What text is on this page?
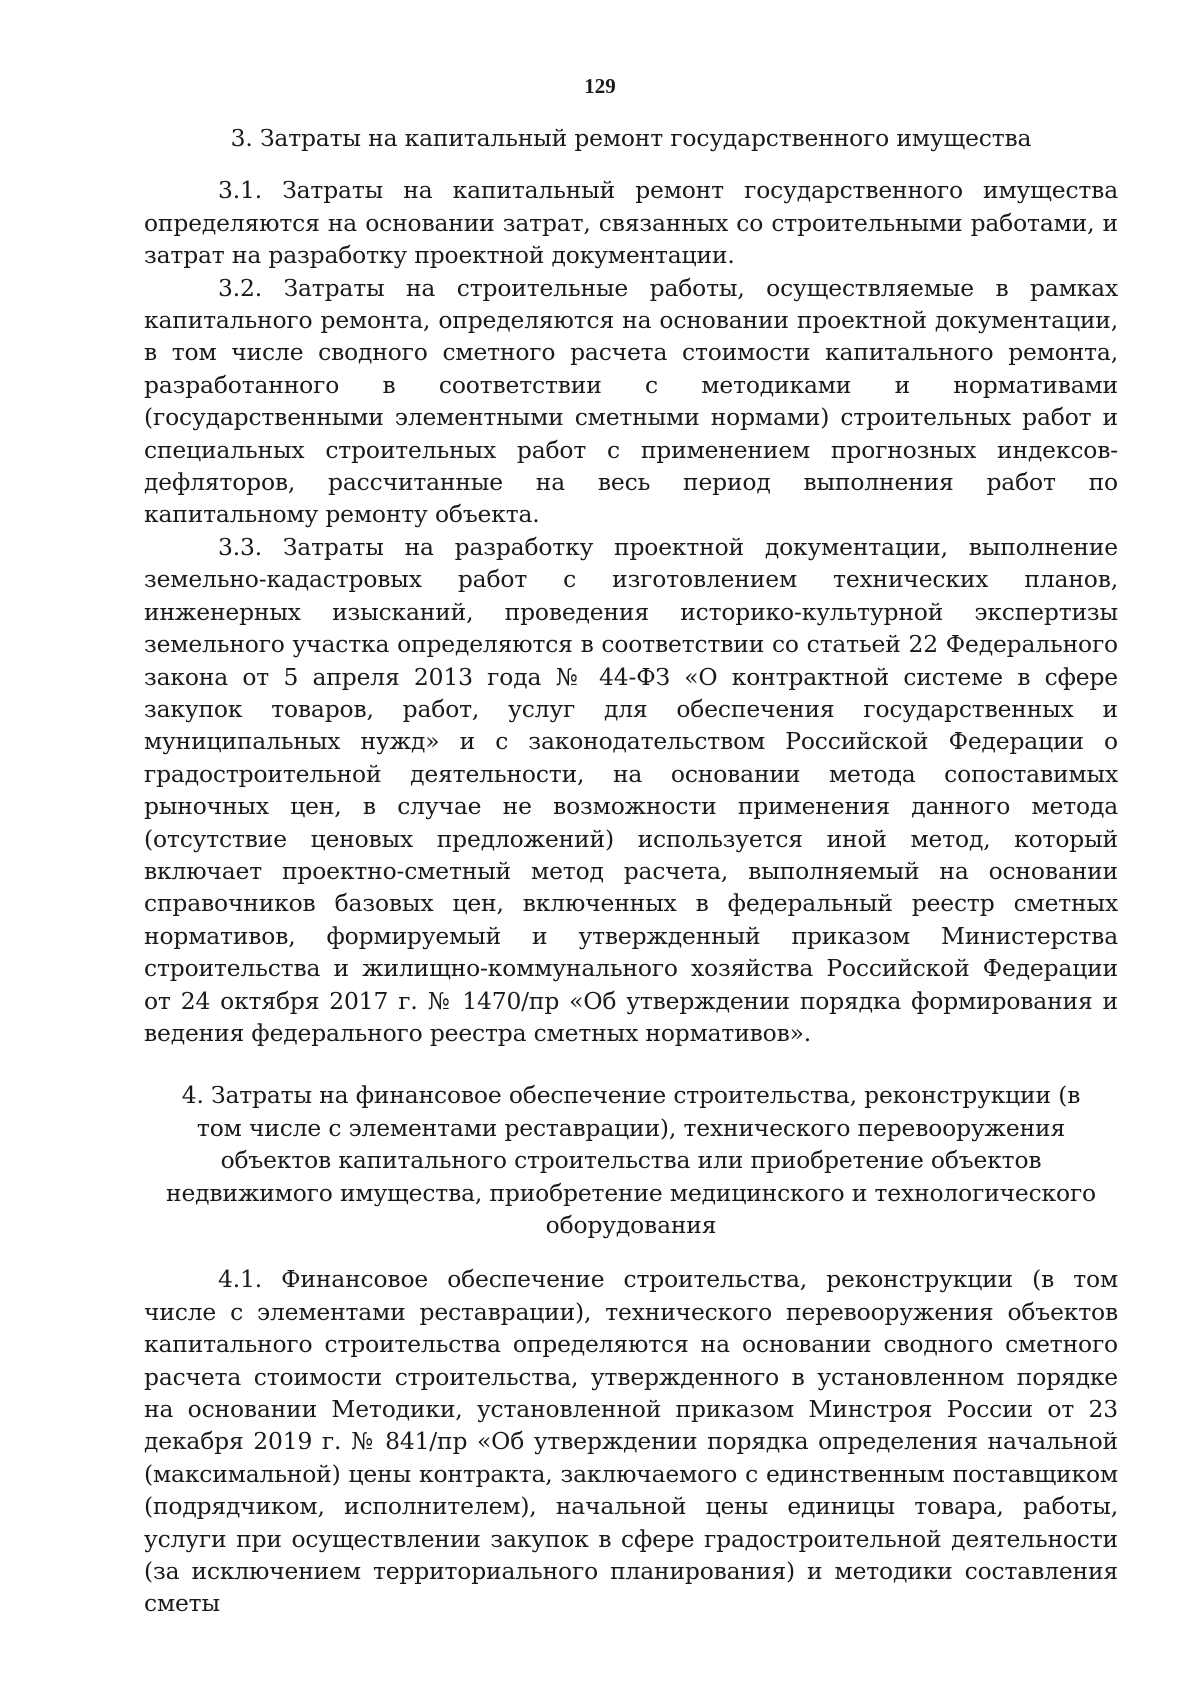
129

3. Затраты на капитальный ремонт государственного имущества

3.1. Затраты на капитальный ремонт государственного имущества определяются на основании затрат, связанных со строительными работами, и затрат на разработку проектной документации.

3.2. Затраты на строительные работы, осуществляемые в рамках капитального ремонта, определяются на основании проектной документации, в том числе сводного сметного расчета стоимости капитального ремонта, разработанного в соответствии с методиками и нормативами (государственными элементными сметными нормами) строительных работ и специальных строительных работ с применением прогнозных индексов- дефляторов, рассчитанные на весь период выполнения работ по капитальному ремонту объекта.

3.3. Затраты на разработку проектной документации, выполнение земельно-кадастровых работ с изготовлением технических планов, инженерных изысканий, проведения историко-культурной экспертизы земельного участка определяются в соответствии со статьей 22 Федерального закона от 5 апреля 2013 года № 44-ФЗ «О контрактной системе в сфере закупок товаров, работ, услуг для обеспечения государственных и муниципальных нужд» и с законодательством Российской Федерации о градостроительной деятельности, на основании метода сопоставимых рыночных цен, в случае не возможности применения данного метода (отсутствие ценовых предложений) используется иной метод, который включает проектно-сметный метод расчета, выполняемый на основании справочников базовых цен, включенных в федеральный реестр сметных нормативов, формируемый и утвержденный приказом Министерства строительства и жилищно-коммунального хозяйства Российской Федерации от 24 октября 2017 г. № 1470/пр «Об утверждении порядка формирования и ведения федерального реестра сметных нормативов».

4. Затраты на финансовое обеспечение строительства, реконструкции (в том числе с элементами реставрации), технического перевооружения объектов капитального строительства или приобретение объектов недвижимого имущества, приобретение медицинского и технологического оборудования

4.1. Финансовое обеспечение строительства, реконструкции (в том числе с элементами реставрации), технического перевооружения объектов капитального строительства определяются на основании сводного сметного расчета стоимости строительства, утвержденного в установленном порядке на основании Методики, установленной приказом Минстроя России от 23 декабря 2019 г. № 841/пр «Об утверждении порядка определения начальной (максимальной) цены контракта, заключаемого с единственным поставщиком (подрядчиком, исполнителем), начальной цены единицы товара, работы, услуги при осуществлении закупок в сфере градостроительной деятельности (за исключением территориального планирования) и методики составления сметы
